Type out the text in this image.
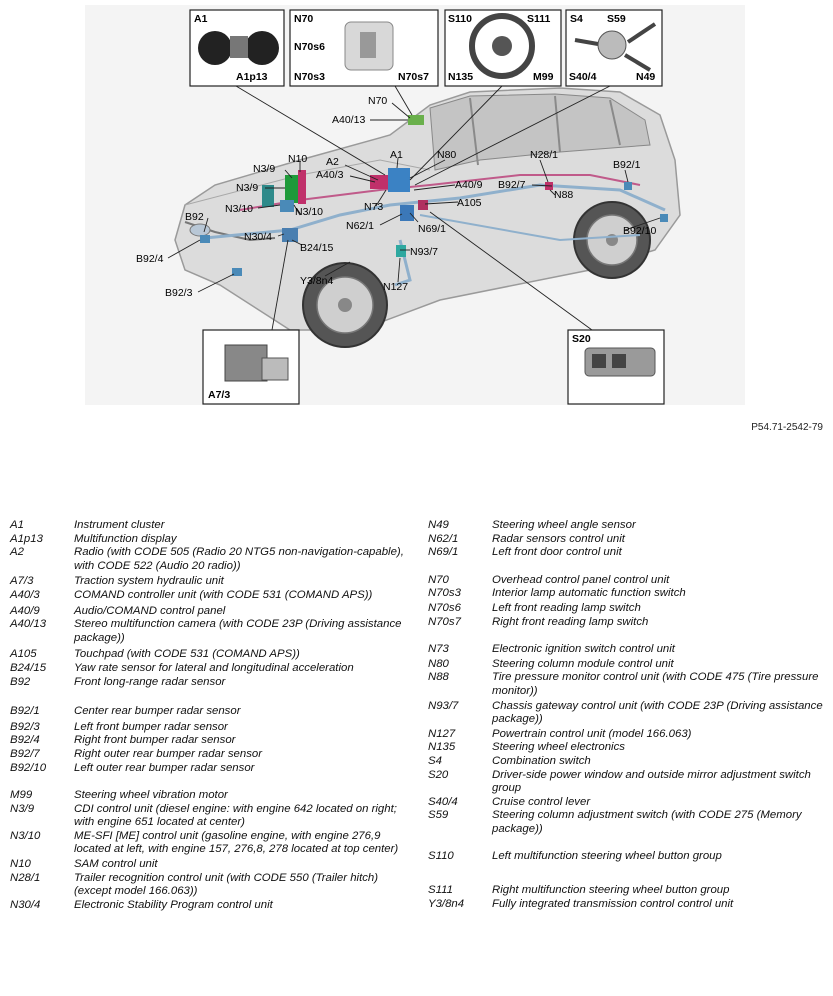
A1
A1p13
N70
N70s6
N70s3	N70s7
S110	S111
N135	M99
S4 S59
S40/4	N49
N70
A40/13
N10
N3/9
N3/9
N3/10	N3/10
A2
A40/3
A1	N80	N28/1
B92/1
A40/9 B92/7
N88
A105
N73
B92
N30/4
N62/1	N69/1
B24/15	N93/7
B92/4
B92/10
B92/3
Y3/8n4	N127
S20
A7/3
P54.71-2542-79
A1	Instrument cluster
A1p13	Multifunction display
A2	Radio (with CODE 505 (Radio 20 NTG5 non-navigation-capable), with CODE 522 (Audio 20 radio))
A7/3	Traction system hydraulic unit
A40/3	COMAND controller unit (with CODE 531 (COMAND APS))
A40/9	Audio/COMAND control panel
A40/13	Stereo multifunction camera (with CODE 23P (Driving assistance package))
A105	Touchpad (with CODE 531 (COMAND APS))
B24/15	Yaw rate sensor for lateral and longitudinal acceleration
B92	Front long-range radar sensor
B92/1	Center rear bumper radar sensor
B92/3	Left front bumper radar sensor
B92/4	Right front bumper radar sensor
B92/7	Right outer rear bumper radar sensor
B92/10	Left outer rear bumper radar sensor
M99	Steering wheel vibration motor
N3/9	CDI control unit (diesel engine: with engine 642 located on right; with engine 651 located at center)
N3/10	ME-SFI [ME] control unit (gasoline engine, with engine 276,9 located at left, with engine 157, 276,8, 278 located at top center)
N10	SAM control unit
N28/1	Trailer recognition control unit (with CODE 550 (Trailer hitch) (except model 166.063))
N30/4	Electronic Stability Program control unit
N49	Steering wheel angle sensor
N62/1	Radar sensors control unit
N69/1	Left front door control unit
N70	Overhead control panel control unit
N70s3	Interior lamp automatic function switch
N70s6	Left front reading lamp switch
N70s7	Right front reading lamp switch
N73	Electronic ignition switch control unit
N80	Steering column module control unit
N88	Tire pressure monitor control unit (with CODE 475 (Tire pressure monitor))
N93/7	Chassis gateway control unit (with CODE 23P (Driving assistance package))
N127	Powertrain control unit (model 166.063)
N135	Steering wheel electronics
S4	Combination switch
S20	Driver-side power window and outside mirror adjustment switch group
S40/4	Cruise control lever
S59	Steering column adjustment switch (with CODE 275 (Memory package))
S110	Left multifunction steering wheel button group
S111	Right multifunction steering wheel button group
Y3/8n4	Fully integrated transmission control control unit
